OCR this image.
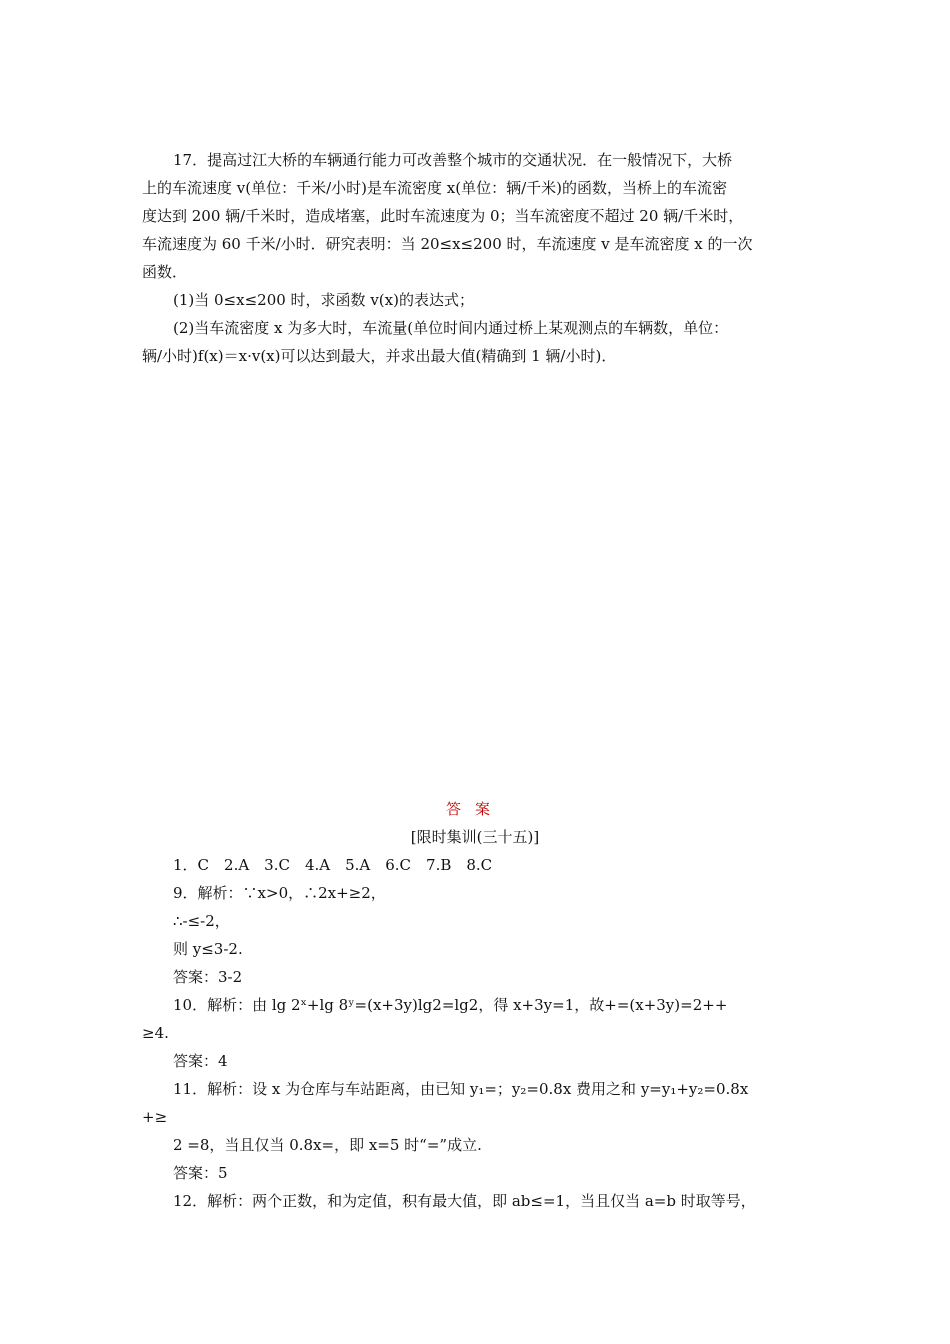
17．提高过江大桥的车辆通行能力可改善整个城市的交通状况．在一般情况下，大桥
上的车流速度 v(单位：千米/小时)是车流密度 x(单位：辆/千米)的函数，当桥上的车流密
度达到 200 辆/千米时，造成堵塞，此时车流速度为 0；当车流密度不超过 20 辆/千米时，
车流速度为 60 千米/小时．研究表明：当 20≤x≤200 时，车流速度 v 是车流密度 x 的一次
函数．
(1)当 0≤x≤200 时，求函数 v(x)的表达式；
(2)当车流密度 x 为多大时，车流量(单位时间内通过桥上某观测点的车辆数，单位：
辆/小时)f(x)＝x·v(x)可以达到最大，并求出最大值(精确到 1 辆/小时)．
答案
[限时集训(三十五)]
1．C　2.A　3.C　4.A　5.A　6.C　7.B　8.C
9．解析：∵x>0，∴2x+≥2，
∴-≤-2，
则 y≤3-2.
答案：3-2
10．解析：由 lg 2ˣ+lg 8ʸ=(x+3y)lg2=lg2，得 x+3y=1，故+=(x+3y)=2++
≥4.
答案：4
11．解析：设 x 为仓库与车站距离，由已知 y₁=；y₂=0.8x 费用之和 y=y₁+y₂=0.8x
+≥
2 =8，当且仅当 0.8x=，即 x=5 时“=”成立.
答案：5
12．解析：两个正数，和为定值，积有最大值，即 ab≤=1，当且仅当 a=b 时取等号，
